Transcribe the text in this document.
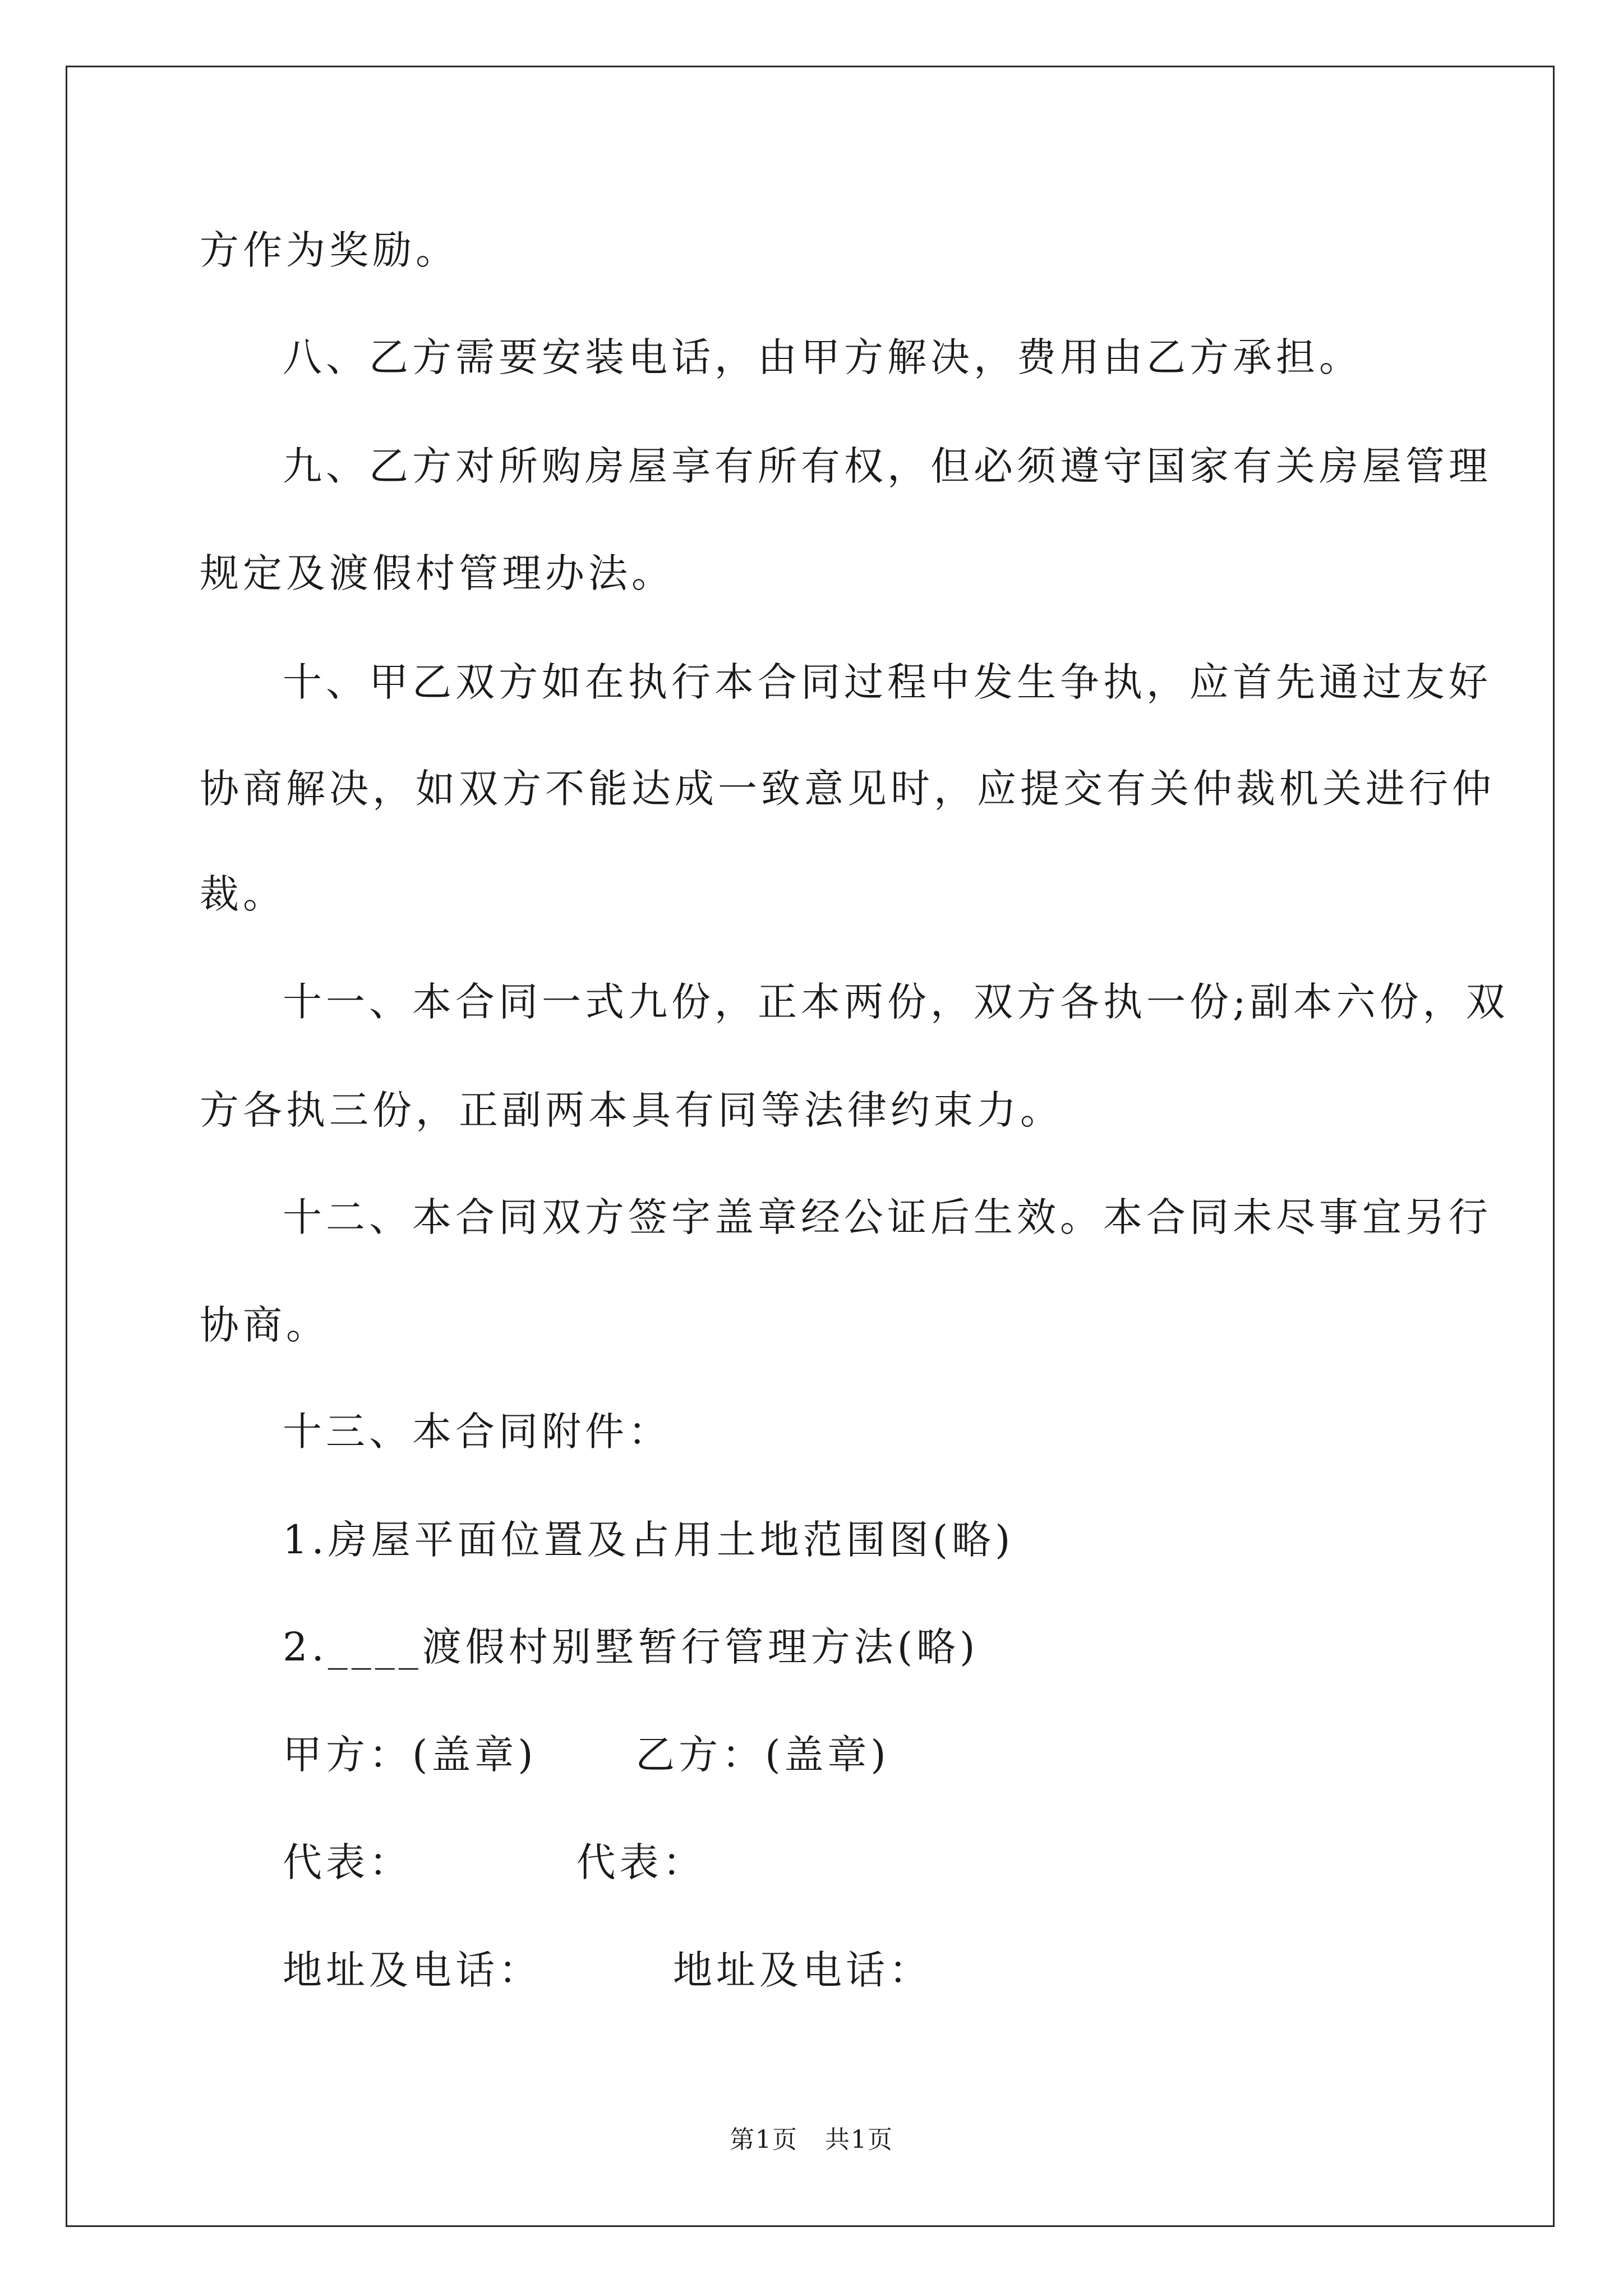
方作为奖励。
八、乙方需要安装电话，由甲方解决，费用由乙方承担。
九、乙方对所购房屋享有所有权，但必须遵守国家有关房屋管理
规定及渡假村管理办法。
十、甲乙双方如在执行本合同过程中发生争执，应首先通过友好
协商解决，如双方不能达成一致意见时，应提交有关仲裁机关进行仲
裁。
十一、本合同一式九份，正本两份，双方各执一份;副本六份，双
方各执三份，正副两本具有同等法律约束力。
十二、本合同双方签字盖章经公证后生效。本合同未尽事宜另行
协商。
十三、本合同附件：
1.房屋平面位置及占用土地范围图(略)
2.____渡假村别墅暂行管理方法(略)
甲方：(盖章)      乙方：(盖章)
代表：          代表：
地址及电话：        地址及电话：
第1页   共1页
